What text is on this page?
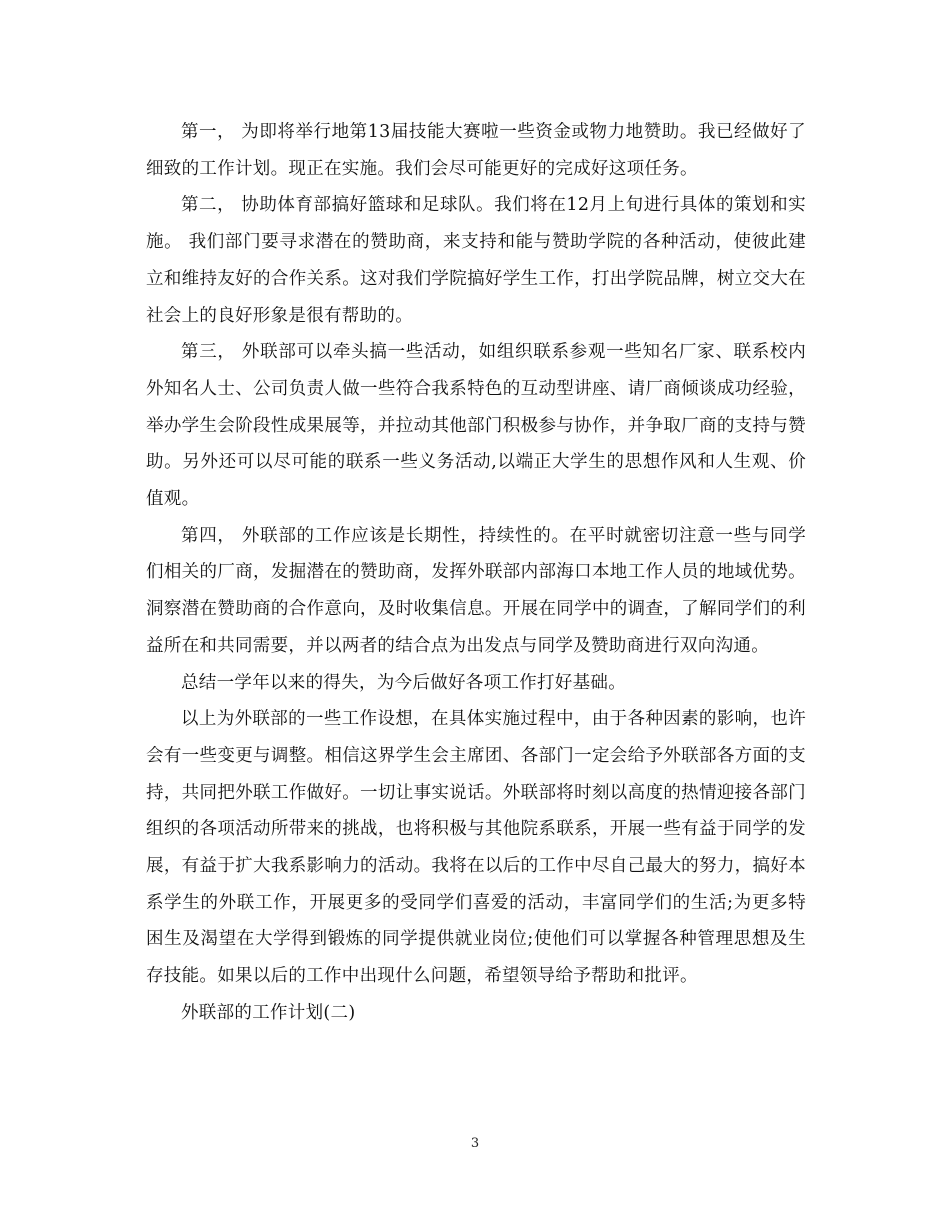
第一， 为即将举行地第13届技能大赛啦一些资金或物力地赞助。我已经做好了细致的工作计划。现正在实施。我们会尽可能更好的完成好这项任务。

第二， 协助体育部搞好篮球和足球队。我们将在12月上旬进行具体的策划和实施。 我们部门要寻求潜在的赞助商，来支持和能与赞助学院的各种活动，使彼此建立和维持友好的合作关系。这对我们学院搞好学生工作，打出学院品牌，树立交大在社会上的良好形象是很有帮助的。

第三， 外联部可以牵头搞一些活动，如组织联系参观一些知名厂家、联系校内外知名人士、公司负责人做一些符合我系特色的互动型讲座、请厂商倾谈成功经验，举办学生会阶段性成果展等，并拉动其他部门积极参与协作，并争取厂商的支持与赞助。另外还可以尽可能的联系一些义务活动,以端正大学生的思想作风和人生观、价值观。

第四， 外联部的工作应该是长期性，持续性的。在平时就密切注意一些与同学们相关的厂商，发掘潜在的赞助商，发挥外联部内部海口本地工作人员的地域优势。洞察潜在赞助商的合作意向，及时收集信息。开展在同学中的调查，了解同学们的利益所在和共同需要，并以两者的结合点为出发点与同学及赞助商进行双向沟通。

总结一学年以来的得失，为今后做好各项工作打好基础。

以上为外联部的一些工作设想，在具体实施过程中，由于各种因素的影响，也许会有一些变更与调整。相信这界学生会主席团、各部门一定会给予外联部各方面的支持，共同把外联工作做好。一切让事实说话。外联部将时刻以高度的热情迎接各部门组织的各项活动所带来的挑战，也将积极与其他院系联系，开展一些有益于同学的发展，有益于扩大我系影响力的活动。我将在以后的工作中尽自己最大的努力，搞好本系学生的外联工作，开展更多的受同学们喜爱的活动，丰富同学们的生活;为更多特困生及渴望在大学得到锻炼的同学提供就业岗位;使他们可以掌握各种管理思想及生存技能。如果以后的工作中出现什么问题，希望领导给予帮助和批评。

外联部的工作计划(二)

3
